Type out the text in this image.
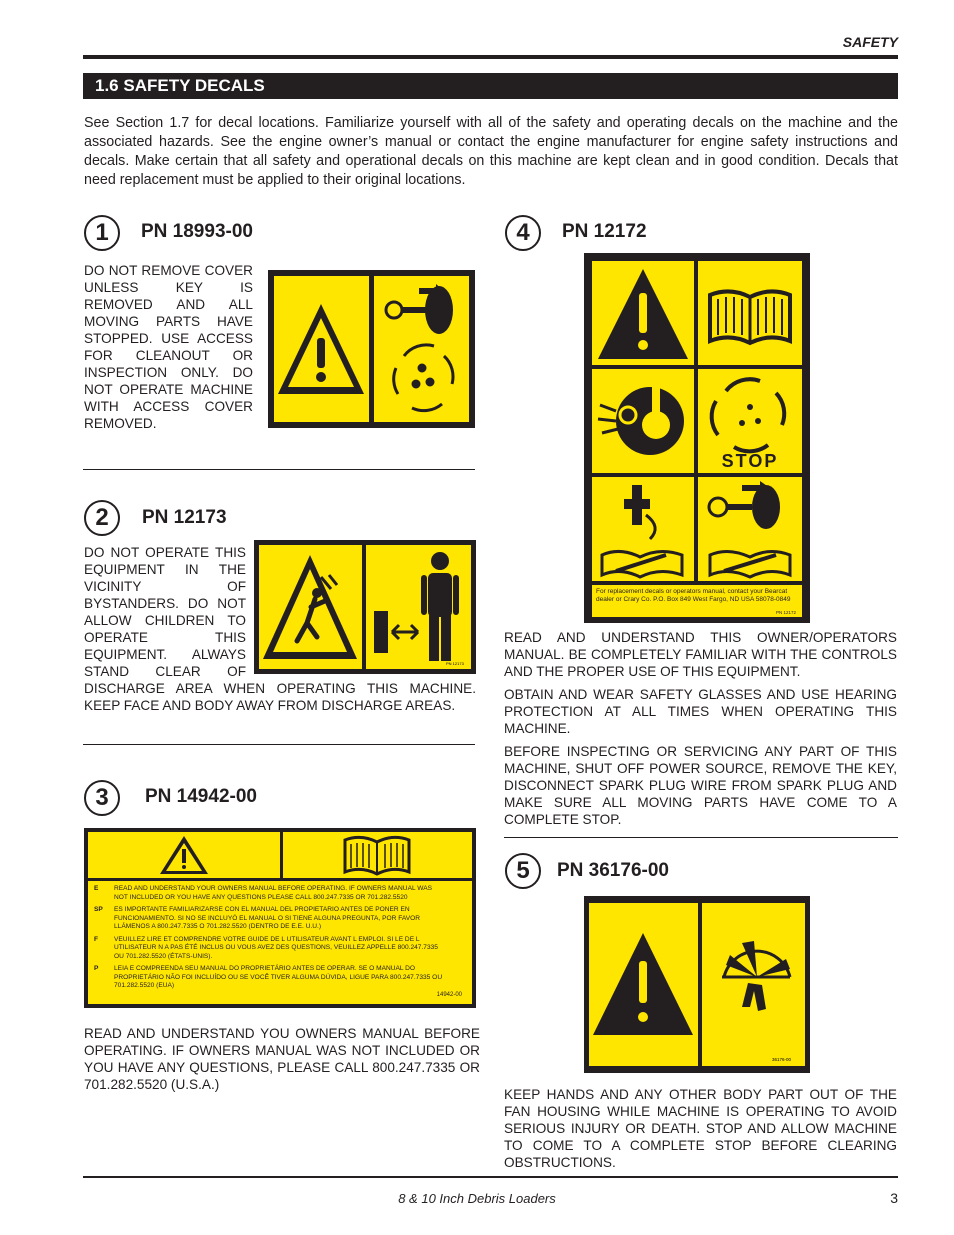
SAFETY
1.6 SAFETY DECALS
See Section 1.7 for decal locations. Familiarize yourself with all of the safety and operating decals on the machine and the associated hazards. See the engine owner’s manual or contact the engine manufacturer for engine safety instructions and decals. Make certain that all safety and operational decals on this machine are kept clean and in good condition. Decals that need replacement must be applied to their original locations.
1	PN 18993-00
DO NOT REMOVE COVER UNLESS KEY IS REMOVED AND ALL MOVING PARTS HAVE STOPPED. USE ACCESS FOR CLEANOUT OR INSPECTION ONLY. DO NOT OPERATE MACHINE WITH ACCESS COVER REMOVED.
2	PN 12173
DO NOT OPERATE THIS EQUIPMENT IN THE VICINITY OF BYSTANDERS. DO NOT ALLOW CHILDREN TO OPERATE THIS EQUIPMENT. ALWAYS STAND CLEAR OF DISCHARGE AREA WHEN OPERATING THIS MACHINE. KEEP FACE AND BODY AWAY FROM DISCHARGE AREAS.
PN 12173
3	PN 14942-00
E	READ AND UNDERSTAND YOUR OWNERS MANUAL BEFORE OPERATING. IF OWNERS MANUAL WAS NOT INCLUDED OR YOU HAVE ANY QUESTIONS PLEASE CALL 800.247.7335 OR 701.282.5520
SP	ES IMPORTANTE FAMILIARIZARSE CON EL MANUAL DEL PROPIETARIO ANTES DE PONER EN FUNCIONAMIENTO. SI NO SE INCLUYÓ EL MANUAL O SI TIENE ALGUNA PREGUNTA, POR FAVOR LLÁMENOS A 800.247.7335 O 701.282.5520 (DENTRO DE E.E. U.U.)
F	VEUILLEZ LIRE ET COMPRENDRE VOTRE GUIDE DE L UTILISATEUR AVANT L EMPLOI. SI LE DE L UTILISATEUR N A PAS ÉTÉ INCLUS OU VOUS AVEZ DES QUESTIONS, VEUILLEZ APPELLE 800.247.7335 OU 701.282.5520 (ÉTATS-UNIS).
P	LEIA E COMPREENDA SEU MANUAL DO PROPRIETÁRIO ANTES DE OPERAR. SE O MANUAL DO PROPRIETÁRIO NÃO FOI INCLUÍDO OU SE VOCÊ TIVER ALGUMA DÚVIDA, LIGUE PARA 800.247.7335 OU 701.282.5520 (EUA)
14942-00
READ AND UNDERSTAND YOU OWNERS MANUAL BEFORE OPERATING. IF OWNERS MANUAL WAS NOT INCLUDED OR YOU HAVE ANY QUESTIONS, PLEASE CALL 800.247.7335 OR 701.282.5520 (U.S.A.)
4	PN 12172
STOP
For replacement decals or operators manual, contact your Bearcat dealer or Crary Co. P.O. Box 849 West Fargo, ND USA 58078-0849
PN 12172

READ AND UNDERSTAND THIS OWNER/OPERATORS MANUAL. BE COMPLETELY FAMILIAR WITH THE CONTROLS AND THE PROPER USE OF THIS EQUIPMENT.

OBTAIN AND WEAR SAFETY GLASSES AND USE HEARING PROTECTION AT ALL TIMES WHEN OPERATING THIS MACHINE.

BEFORE INSPECTING OR SERVICING ANY PART OF THIS MACHINE, SHUT OFF POWER SOURCE, REMOVE THE KEY, DISCONNECT SPARK PLUG WIRE FROM SPARK PLUG AND MAKE SURE ALL MOVING PARTS HAVE COME TO A COMPLETE STOP.

5	PN 36176-00
36176-00
KEEP HANDS AND ANY OTHER BODY PART OUT OF THE FAN HOUSING WHILE MACHINE IS OPERATING TO AVOID SERIOUS INJURY OR DEATH. STOP AND ALLOW MACHINE TO COME TO A COMPLETE STOP BEFORE CLEARING OBSTRUCTIONS.
8 & 10 Inch Debris Loaders	3
